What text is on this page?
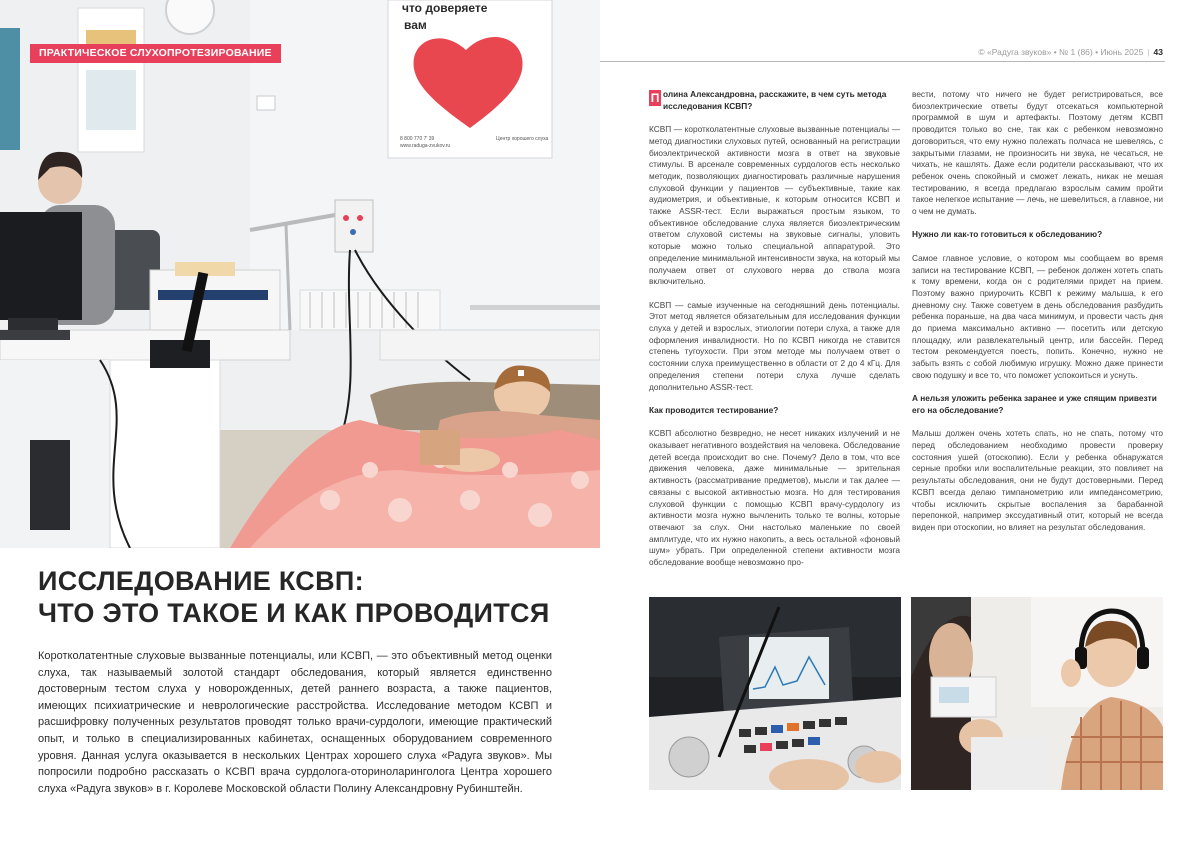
что доверяете
вам
8 800 770 7' 39
www.raduga-zvukov.ru
Центр хорошего слуха
ПРАКТИЧЕСКОЕ СЛУХОПРОТЕЗИРОВАНИЕ
ИССЛЕДОВАНИЕ КСВП:
ЧТО ЭТО ТАКОЕ И КАК ПРОВОДИТСЯ

Коротколатентные слуховые вызванные потенциалы, или КСВП, — это объективный метод оценки слуха, так называемый золотой стандарт обследования, который является единственно достоверным тестом слуха у новорожденных, детей раннего возраста, а также пациентов, имеющих психиатрические и неврологические расстройства. Исследование методом КСВП и расшифровку полученных результатов проводят только врачи-сурдологи, имеющие практический опыт, и только в специализированных кабинетах, оснащенных оборудованием современного уровня. Данная услуга оказывается в нескольких Центрах хорошего слуха «Радуга звуков». Мы попросили подробно рассказать о КСВП врача сурдолога-оториноларинголога Центра хорошего слуха «Радуга звуков» в г. Королеве Московской области Полину Александровну Рубинштейн.

© «Радуга звуков» • № 1 (86) • Июнь 2025 | 43

П олина Александровна, расскажите, в чем суть метода исследования КСВП?

КСВП — коротколатентные слуховые вызванные потенциалы — метод диагностики слуховых путей, основанный на регистрации биоэлектрической активности мозга в ответ на звуковые стимулы. В арсенале современных сурдологов есть несколько методик, позволяющих диагностировать различные нарушения слуховой функции у пациентов — субъективные, такие как аудиометрия, и объективные, к которым относится КСВП и также ASSR-тест. Если выражаться простым языком, то объективное обследование слуха является биоэлектрическим ответом слуховой системы на звуковые сигналы, уловить которые можно только специальной аппаратурой. Это определение минимальной интенсивности звука, на который мы получаем ответ от слухового нерва до ствола мозга включительно.

КСВП — самые изученные на сегодняшний день потенциалы. Этот метод является обязательным для исследования функции слуха у детей и взрослых, этиологии потери слуха, а также для оформления инвалидности. Но по КСВП никогда не ставится степень тугоухости. При этом методе мы получаем ответ о состоянии слуха преимущественно в области от 2 до 4 кГц. Для определения степени потери слуха лучше сделать дополнительно ASSR-тест.

Как проводится тестирование?

КСВП абсолютно безвредно, не несет никаких излучений и не оказывает негативного воздействия на человека. Обследование детей всегда происходит во сне. Почему? Дело в том, что все движения человека, даже минимальные — зрительная активность (рассматривание предметов), мысли и так далее — связаны с высокой активностью мозга. Но для тестирования слуховой функции с помощью КСВП врачу-сурдологу из активности мозга нужно вычленить только те волны, которые отвечают за слух. Они настолько маленькие по своей амплитуде, что их нужно накопить, а весь остальной «фоновый шум» убрать. При определенной степени активности мозга обследование вообще невозможно про-

вести, потому что ничего не будет регистрироваться, все биоэлектрические ответы будут отсекаться компьютерной программой в шум и артефакты. Поэтому детям КСВП проводится только во сне, так как с ребенком невозможно договориться, что ему нужно полежать полчаса не шевелясь, с закрытыми глазами, не произносить ни звука, не чесаться, не чихать, не кашлять. Даже если родители рассказывают, что их ребенок очень спокойный и сможет лежать, никак не мешая тестированию, я всегда предлагаю взрослым самим пройти такое нелегкое испытание — лечь, не шевелиться, а главное, ни о чем не думать.

Нужно ли как-то готовиться к обследованию?

Самое главное условие, о котором мы сообщаем во время записи на тестирование КСВП, — ребенок должен хотеть спать к тому времени, когда он с родителями придет на прием. Поэтому важно приурочить КСВП к режиму малыша, к его дневному сну. Также советуем в день обследования разбудить ребенка пораньше, на два часа минимум, и провести часть дня до приема максимально активно — посетить или детскую площадку, или развлекательный центр, или бассейн. Перед тестом рекомендуется поесть, попить. Конечно, нужно не забыть взять с собой любимую игрушку. Можно даже принести свою подушку и все то, что поможет успокоиться и уснуть.

А нельзя уложить ребенка заранее и уже спящим привезти его на обследование?

Малыш должен очень хотеть спать, но не спать, потому что перед обследованием необходимо провести проверку состояния ушей (отоскопию). Если у ребенка обнаружатся серные пробки или воспалительные реакции, это повлияет на результаты обследования, они не будут достоверными. Перед КСВП всегда делаю тимпанометрию или импедансометрию, чтобы исключить скрытые воспаления за барабанной перепонкой, например экссудативный отит, который не всегда виден при отоскопии, но влияет на результат обследования.
